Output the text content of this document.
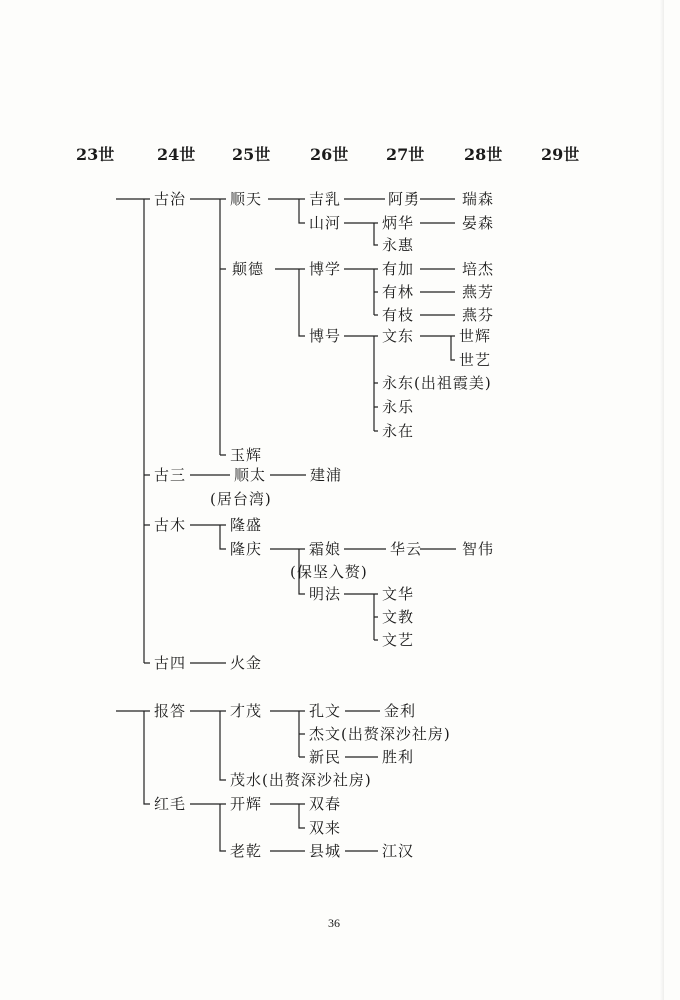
23世	24世 25世 26世 27世 28世 29世
古治	顺天	吉乳	阿勇	瑞森
山河	炳华	晏森
永惠
颠德	博学	有加	培杰
有林	燕芳
有枝	燕芬
博号	文东	世辉
世艺
永东(出祖霞美)
永乐
永在
玉辉
古三	顺太	建浦
(居台湾)
古木	隆盛
隆庆	霜娘	华云	智伟
(保坚入赘)
明法	文华
文教
文艺
古四	火金
报答	才茂	孔文	金利
杰文(出赘深沙社房)
新民	胜利
茂水(出赘深沙社房)
红毛	开辉	双春
双来
老乾	县城	江汉
36
